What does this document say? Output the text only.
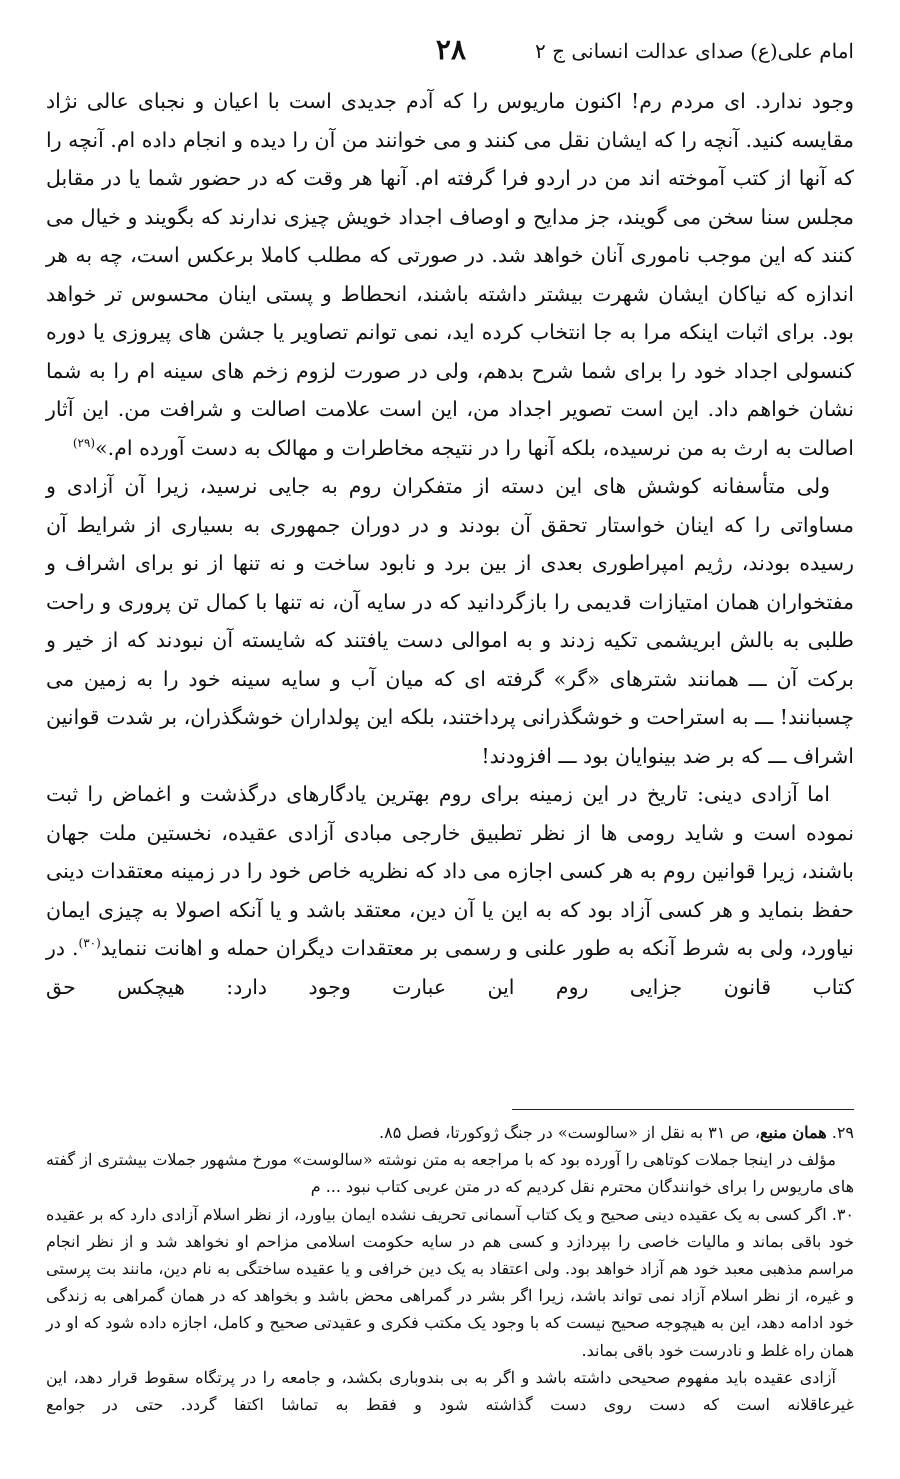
امام علی(ع) صدای عدالت انسانی ج ۲
۲۸

وجود ندارد. ای مردم رم! اکنون ماریوس را که آدم جدیدی است با اعیان و نجبای عالی نژاد مقایسه کنید. آنچه را که ایشان نقل می کنند و می خوانند من آن را دیده و انجام داده ام. آنچه را که آنها از کتب آموخته اند من در اردو فرا گرفته ام. آنها هر وقت که در حضور شما یا در مقابل مجلس سنا سخن می گویند، جز مدایح و اوصاف اجداد خویش چیزی ندارند که بگویند و خیال می کنند که این موجب ناموری آنان خواهد شد. در صورتی که مطلب کاملا برعکس است، چه به هر اندازه که نیاکان ایشان شهرت بیشتر داشته باشند، انحطاط و پستی اینان محسوس تر خواهد بود. برای اثبات اینکه مرا به جا انتخاب کرده اید، نمی توانم تصاویر یا جشن های پیروزی یا دوره کنسولی اجداد خود را برای شما شرح بدهم، ولی در صورت لزوم زخم های سینه ام را به شما نشان خواهم داد. این است تصویر اجداد من، این است علامت اصالت و شرافت من. این آثار اصالت به ارث به من نرسیده، بلکه آنها را در نتیجه مخاطرات و مهالک به دست آورده ام.»$^{(۲۹)}$

ولی متأسفانه کوشش های این دسته از متفکران روم به جایی نرسید، زیرا آن آزادی و مساواتی را که اینان خواستار تحقق آن بودند و در دوران جمهوری به بسیاری از شرایط آن رسیده بودند، رژیم امپراطوری بعدی از بین برد و نابود ساخت و نه تنها از نو برای اشراف و مفتخواران همان امتیازات قدیمی را بازگردانید که در سایه آن، نه تنها با کمال تن پروری و راحت طلبی به بالش ابریشمی تکیه زدند و به اموالی دست یافتند که شایسته آن نبودند که از خیر و برکت آن ـــ همانند شترهای «گر» گرفته ای که میان آب و سایه سینه خود را به زمین می چسبانند! ـــ به استراحت و خوشگذرانی پرداختند، بلکه این پولداران خوشگذران، بر شدت قوانین اشراف ـــ که بر ضد بینوایان بود ـــ افزودند!

اما آزادی دینی: تاریخ در این زمینه برای روم بهترین یادگارهای درگذشت و اغماض را ثبت نموده است و شاید رومی ها از نظر تطبیق خارجی مبادی آزادی عقیده، نخستین ملت جهان باشند، زیرا قوانین روم به هر کسی اجازه می داد که نظریه خاص خود را در زمینه معتقدات دینی حفظ بنماید و هر کسی آزاد بود که به این یا آن دین، معتقد باشد و یا آنکه اصولا به چیزی ایمان نیاورد، ولی به شرط آنکه به طور علنی و رسمی بر معتقدات دیگران حمله و اهانت ننماید$^{(۳۰)}$. در کتاب قانون جزایی روم این عبارت وجود دارد: هیچکس حق

۲۹. همان منبع، ص ۳۱ به نقل از «سالوست» در جنگ ژوکورتا، فصل ۸۵.

مؤلف در اینجا جملات کوتاهی را آورده بود که با مراجعه به متن نوشته «سالوست» مورخ مشهور جملات بیشتری از گفته های ماریوس را برای خوانندگان محترم نقل کردیم که در متن عربی کتاب نبود ... م

۳۰. اگر کسی به یک عقیده دینی صحیح و یک کتاب آسمانی تحریف نشده ایمان بیاورد، از نظر اسلام آزادی دارد که بر عقیده خود باقی بماند و مالیات خاصی را بپردازد و کسی هم در سایه حکومت اسلامی مزاحم او نخواهد شد و از نظر انجام مراسم مذهبی معبد خود هم آزاد خواهد بود. ولی اعتقاد به یک دین خرافی و یا عقیده ساختگی به نام دین، مانند بت پرستی و غیره، از نظر اسلام آزاد نمی تواند باشد، زیرا اگر بشر در گمراهی محض باشد و بخواهد که در همان گمراهی به زندگی خود ادامه دهد، این به هیچوجه صحیح نیست که با وجود یک مکتب فکری و عقیدتی صحیح و کامل، اجازه داده شود که او در همان راه غلط و نادرست خود باقی بماند.

آزادی عقیده باید مفهوم صحیحی داشته باشد و اگر به بی بندوباری بکشد، و جامعه را در پرتگاه سقوط قرار دهد، این غیرعاقلانه است که دست روی دست گذاشته شود و فقط به تماشا اکتفا گردد. حتی در جوامع
